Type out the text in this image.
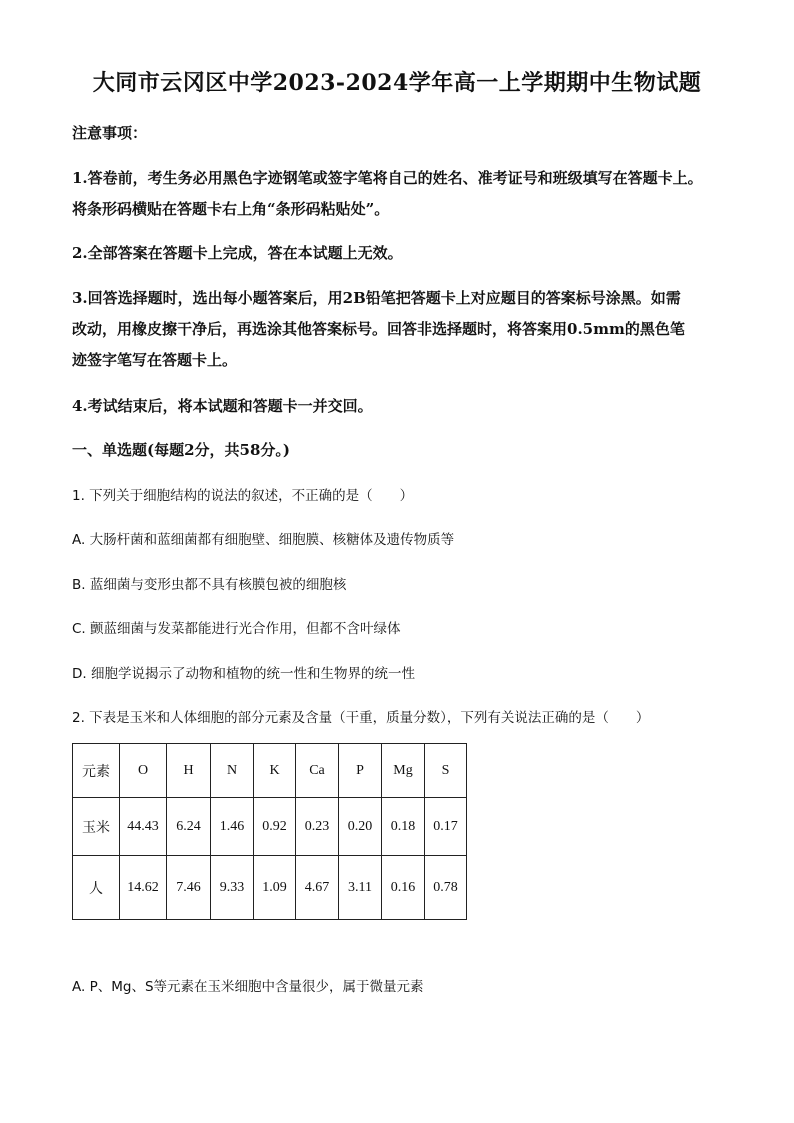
大同市云冈区中学2023-2024学年高一上学期期中生物试题
注意事项：
1.答卷前，考生务必用黑色字迹钢笔或签字笔将自己的姓名、准考证号和班级填写在答题卡上。
将条形码横贴在答题卡右上角“条形码粘贴处”。
2.全部答案在答题卡上完成，答在本试题上无效。
3.回答选择题时，选出每小题答案后，用2B铅笔把答题卡上对应题目的答案标号涂黑。如需
改动，用橡皮擦干净后，再选涂其他答案标号。回答非选择题时，将答案用0.5mm的黑色笔
迹签字笔写在答题卡上。
4.考试结束后，将本试题和答题卡一并交回。
一、单选题(每题2分，共58分。)
1. 下列关于细胞结构的说法的叙述，不正确的是（　　）
A. 大肠杆菌和蓝细菌都有细胞壁、细胞膜、核糖体及遗传物质等
B. 蓝细菌与变形虫都不具有核膜包被的细胞核
C. 颤蓝细菌与发菜都能进行光合作用，但都不含叶绿体
D. 细胞学说揭示了动物和植物的统一性和生物界的统一性
2. 下表是玉米和人体细胞的部分元素及含量（干重，质量分数），下列有关说法正确的是（　　）
元素	O	H	N	K	Ca	P	Mg	S
玉米	44.43	6.24	1.46	0.92	0.23	0.20	0.18	0.17
人	14.62	7.46	9.33	1.09	4.67	3.11	0.16	0.78
A. P、Mg、S等元素在玉米细胞中含量很少，属于微量元素
